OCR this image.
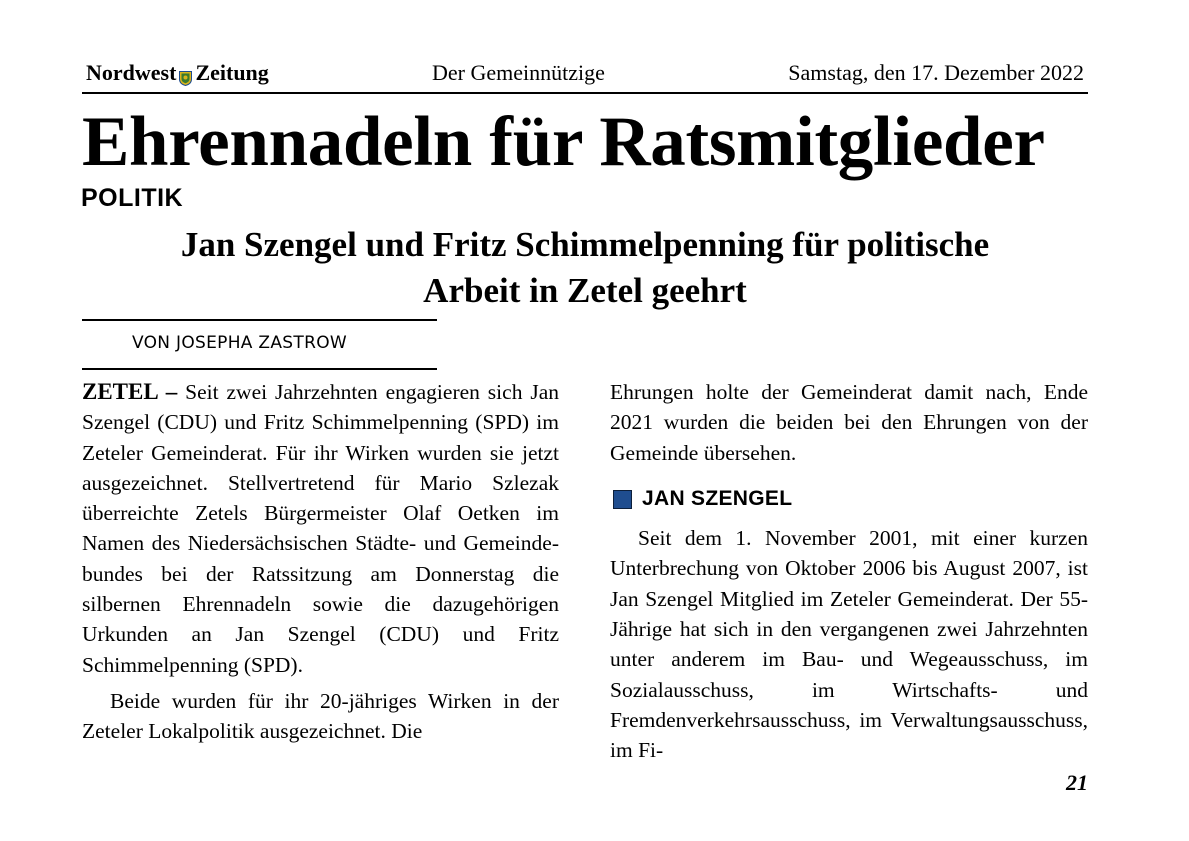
Nordwest Zeitung	Der Gemeinnützige	Samstag, den 17. Dezember 2022
Ehrennadeln für Ratsmitglieder
POLITIK
Jan Szengel und Fritz Schimmelpenning für politische
Arbeit in Zetel geehrt
VON JOSEPHA ZASTROW

ZETEL – Seit zwei Jahrzehnten engagieren sich Jan Szengel (CDU) und Fritz Schimmelpenning (SPD) im Zeteler Gemeinderat. Für ihr Wirken wurden sie jetzt ausgezeichnet. Stellvertretend für Mario Szlezak überreichte Zetels Bürgermeister Olaf Oetken im Namen des Niedersächsischen Städte- und Gemeindebundes bei der Ratssitzung am Donnerstag die silbernen Ehrennadeln sowie die dazugehörigen Urkunden an Jan Szengel (CDU) und Fritz Schimmelpenning (SPD).

Beide wurden für ihr 20-jähriges Wirken in der Zeteler Lokalpolitik ausgezeichnet. Die

Ehrungen holte der Gemeinderat damit nach, Ende 2021 wurden die beiden bei den Ehrungen von der Gemeinde übersehen.

JAN SZENGEL

Seit dem 1. November 2001, mit einer kurzen Unterbrechung von Oktober 2006 bis August 2007, ist Jan Szengel Mitglied im Zeteler Gemeinderat. Der 55-Jährige hat sich in den vergangenen zwei Jahrzehnten unter anderem im Bau- und Wegeausschuss, im Sozialausschuss, im Wirtschafts- und Fremdenverkehrsausschuss, im Verwaltungsausschuss, im Fi-

21
